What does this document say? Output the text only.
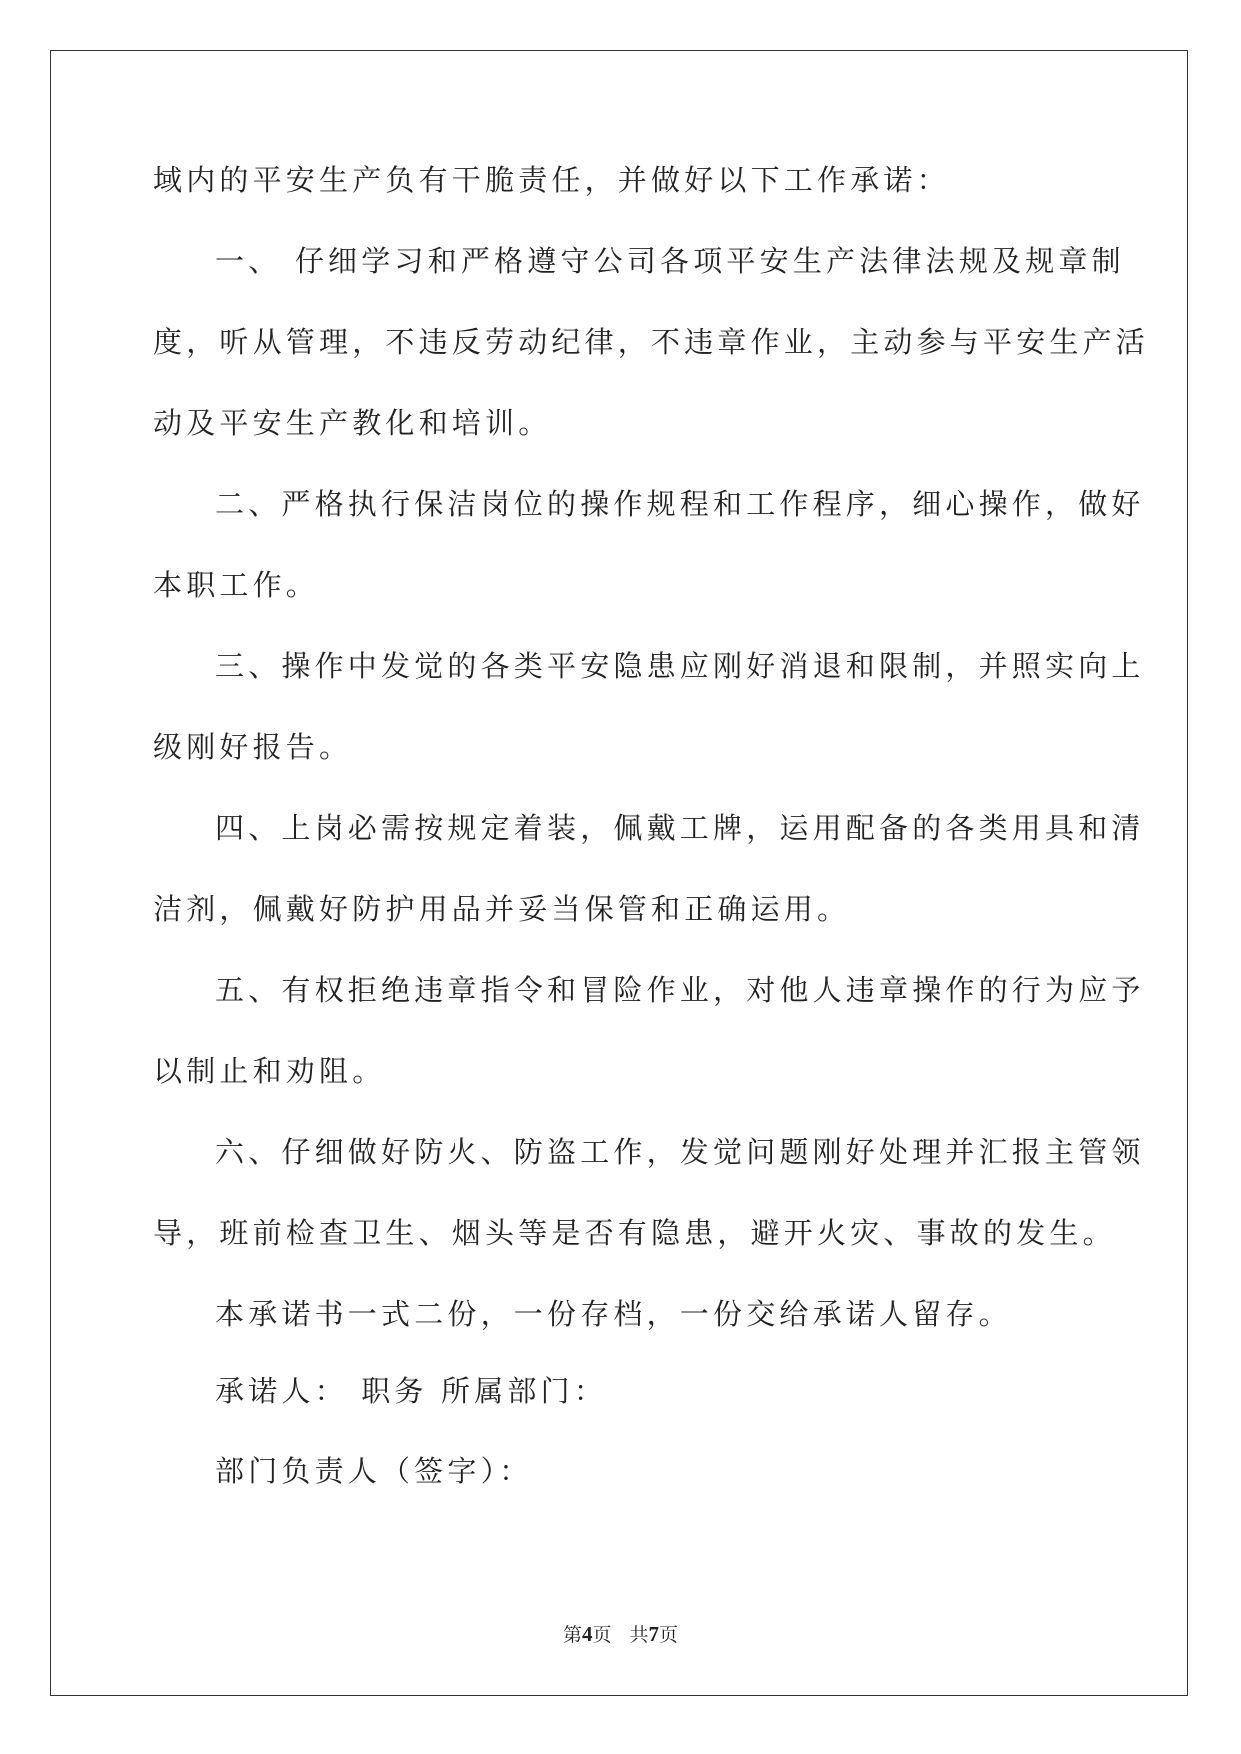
域内的平安生产负有干脆责任，并做好以下工作承诺：
一、 仔细学习和严格遵守公司各项平安生产法律法规及规章制
度，听从管理，不违反劳动纪律，不违章作业，主动参与平安生产活
动及平安生产教化和培训。
二、严格执行保洁岗位的操作规程和工作程序，细心操作，做好
本职工作。
三、操作中发觉的各类平安隐患应刚好消退和限制，并照实向上
级刚好报告。
四、上岗必需按规定着装，佩戴工牌，运用配备的各类用具和清
洁剂，佩戴好防护用品并妥当保管和正确运用。
五、有权拒绝违章指令和冒险作业，对他人违章操作的行为应予
以制止和劝阻。
六、仔细做好防火、防盗工作，发觉问题刚好处理并汇报主管领
导，班前检查卫生、烟头等是否有隐患，避开火灾、事故的发生。
本承诺书一式二份，一份存档，一份交给承诺人留存。
承诺人： 职务 所属部门：
部门负责人（签字）：
第4页 共7页
